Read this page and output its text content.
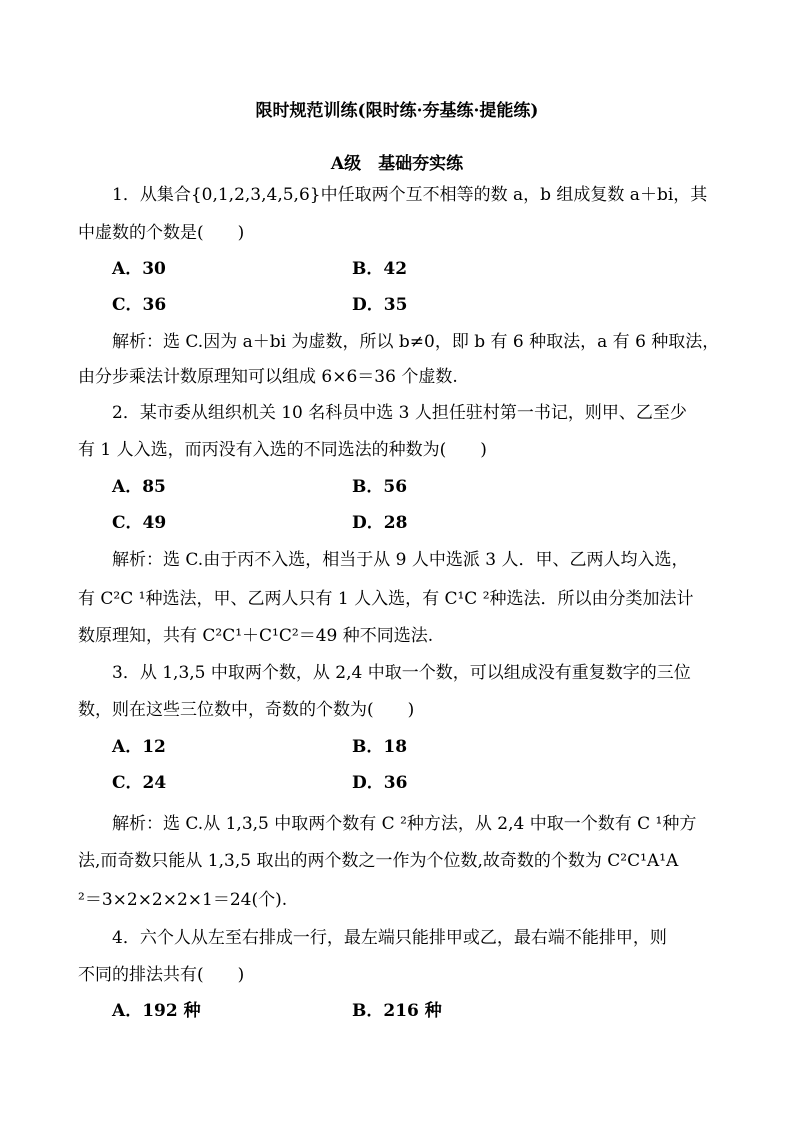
限时规范训练(限时练·夯基练·提能练)
A级　基础夯实练
1．从集合{0,1,2,3,4,5,6}中任取两个互不相等的数 a，b 组成复数 a＋bi，其
中虚数的个数是(　　)
A．30	B．42
C．36	D．35
解析：选 C.因为 a＋bi 为虚数，所以 b≠0，即 b 有 6 种取法，a 有 6 种取法，
由分步乘法计数原理知可以组成 6×6＝36 个虚数.
2．某市委从组织机关 10 名科员中选 3 人担任驻村第一书记，则甲、乙至少
有 1 人入选，而丙没有入选的不同选法的种数为(　　)
A．85	B．56
C．49	D．28
解析：选 C.由于丙不入选，相当于从 9 人中选派 3 人．甲、乙两人均入选，
有 C²C ¹种选法，甲、乙两人只有 1 人入选，有 C¹C ²种选法．所以由分类加法计
数原理知，共有 C²C¹＋C¹C²＝49 种不同选法.
3．从 1,3,5 中取两个数，从 2,4 中取一个数，可以组成没有重复数字的三位
数，则在这些三位数中，奇数的个数为(　　)
A．12	B．18
C．24	D．36
解析：选 C.从 1,3,5 中取两个数有 C ²种方法，从 2,4 中取一个数有 C ¹种方
法,而奇数只能从 1,3,5 取出的两个数之一作为个位数,故奇数的个数为 C²C¹A¹A
²＝3×2×2×2×1＝24(个).
4．六个人从左至右排成一行，最左端只能排甲或乙，最右端不能排甲，则
不同的排法共有(　　)
A．192 种	B．216 种
